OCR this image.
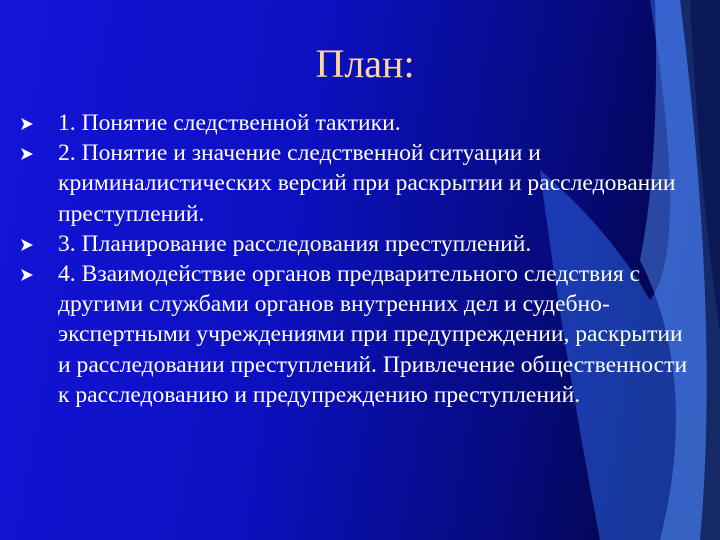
План:
1. Понятие следственной тактики.
2. Понятие и значение следственной ситуации и криминалистических версий при раскрытии и расследовании преступлений.
3. Планирование расследования преступлений.
4. Взаимодействие органов предварительного следствия с другими службами органов внутренних дел и судебно-экспертными учреждениями при предупреждении, раскрытии и расследовании преступлений. Привлечение общественности к расследованию и предупреждению преступлений.
